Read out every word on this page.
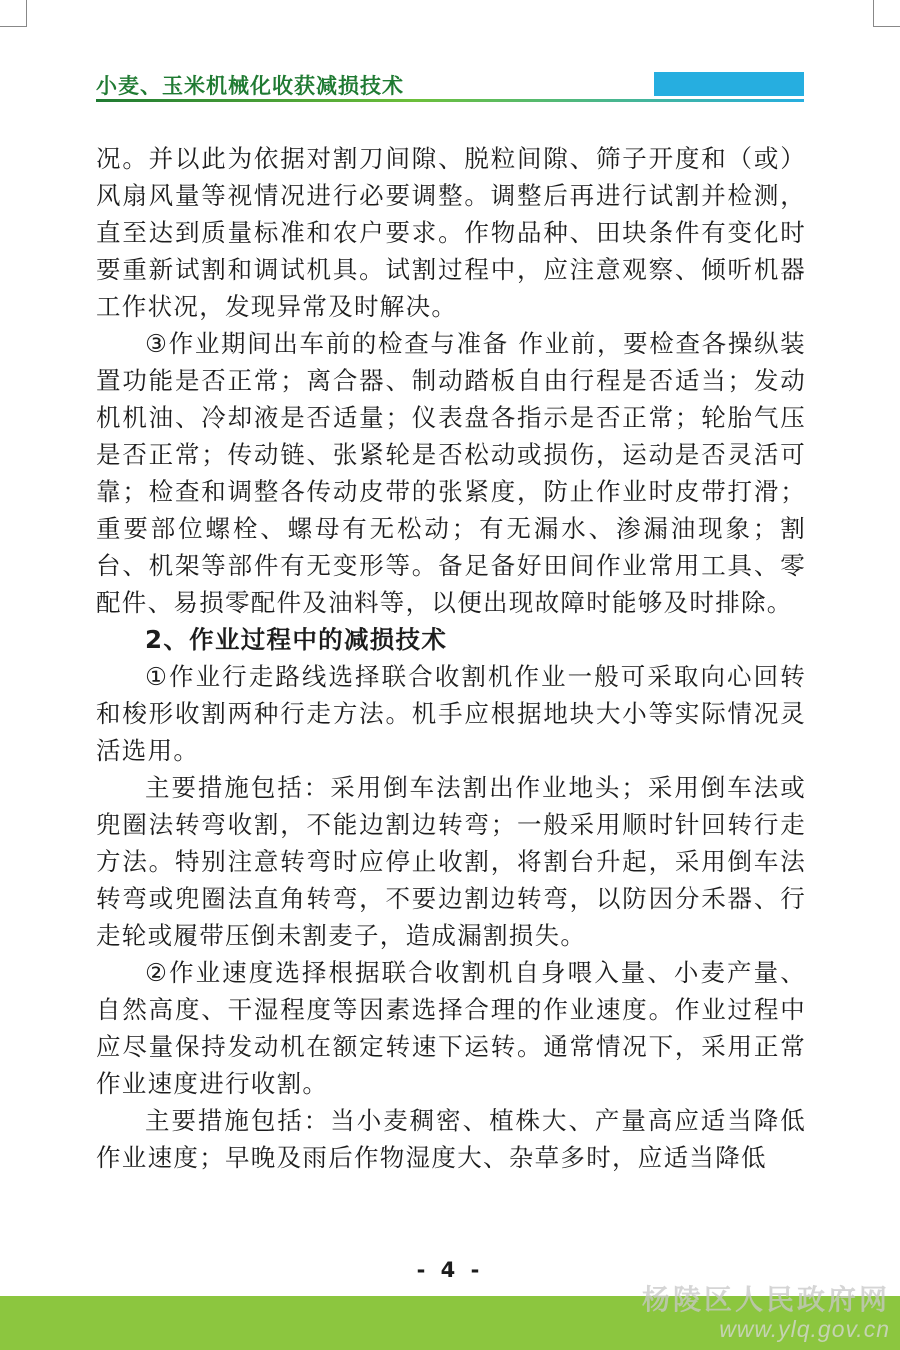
小麦、玉米机械化收获减损技术

况。并以此为依据对割刀间隙、脱粒间隙、筛子开度和（或）风扇风量等视情况进行必要调整。调整后再进行试割并检测，直至达到质量标准和农户要求。作物品种、田块条件有变化时要重新试割和调试机具。试割过程中，应注意观察、倾听机器工作状况，发现异常及时解决。

③作业期间出车前的检查与准备 作业前，要检查各操纵装置功能是否正常；离合器、制动踏板自由行程是否适当；发动机机油、冷却液是否适量；仪表盘各指示是否正常；轮胎气压是否正常；传动链、张紧轮是否松动或损伤，运动是否灵活可靠；检查和调整各传动皮带的张紧度，防止作业时皮带打滑；重要部位螺栓、螺母有无松动；有无漏水、渗漏油现象；割台、机架等部件有无变形等。备足备好田间作业常用工具、零配件、易损零配件及油料等，以便出现故障时能够及时排除。

2、作业过程中的减损技术

①作业行走路线选择联合收割机作业一般可采取向心回转和梭形收割两种行走方法。机手应根据地块大小等实际情况灵活选用。

主要措施包括：采用倒车法割出作业地头；采用倒车法或兜圈法转弯收割，不能边割边转弯；一般采用顺时针回转行走方法。特别注意转弯时应停止收割，将割台升起，采用倒车法转弯或兜圈法直角转弯，不要边割边转弯，以防因分禾器、行走轮或履带压倒未割麦子，造成漏割损失。

②作业速度选择根据联合收割机自身喂入量、小麦产量、自然高度、干湿程度等因素选择合理的作业速度。作业过程中应尽量保持发动机在额定转速下运转。通常情况下，采用正常作业速度进行收割。

主要措施包括：当小麦稠密、植株大、产量高应适当降低作业速度；早晚及雨后作物湿度大、杂草多时，应适当降低

- 4 -
杨陵区人民政府网
www.ylq.gov.cn
